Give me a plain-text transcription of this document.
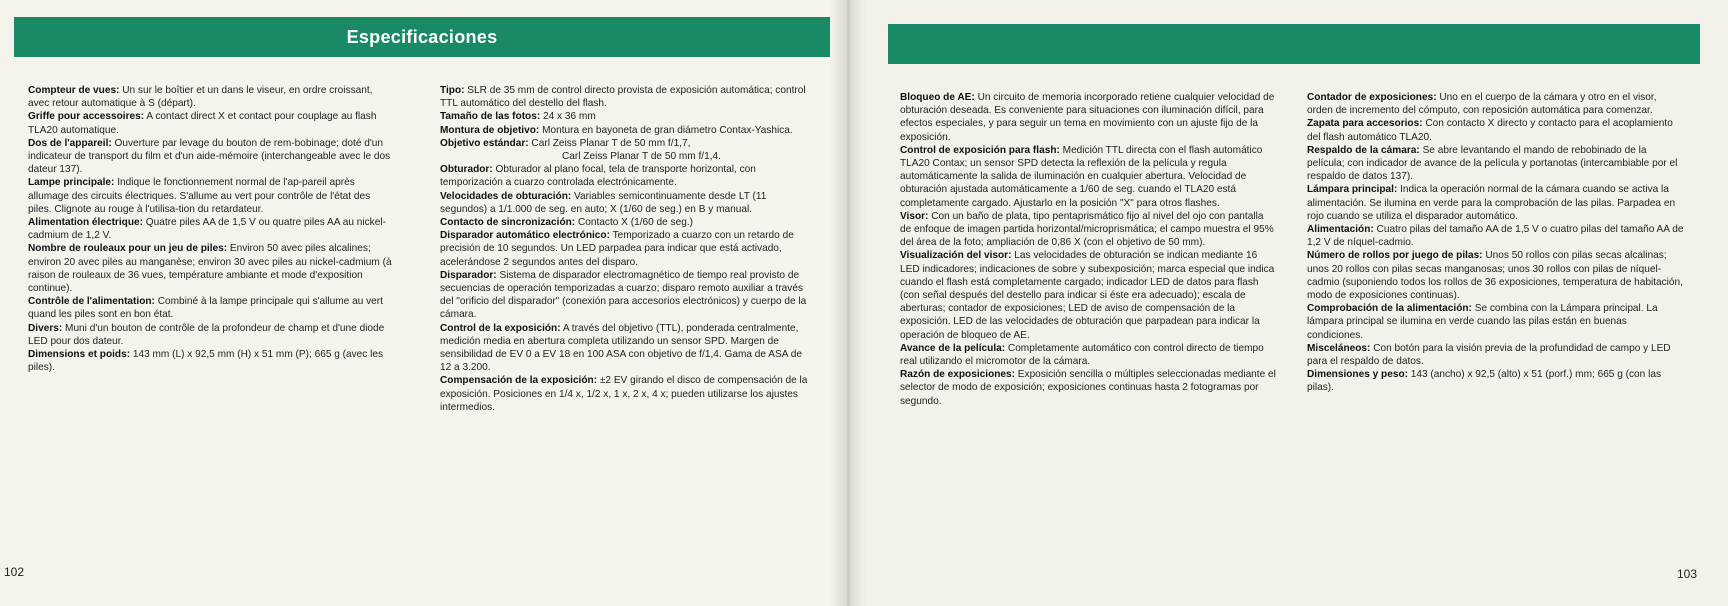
Especificaciones

Compteur de vues: Un sur le boîtier et un dans le viseur, en ordre croissant, avec retour automatique à S (départ).

Griffe pour accessoires: A contact direct X et contact pour couplage au flash TLA20 automatique.

Dos de l'appareil: Ouverture par levage du bouton de rem-bobinage; doté d'un indicateur de transport du film et d'un aide-mémoire (interchangeable avec le dos dateur 137).

Lampe principale: Indique le fonctionnement normal de l'ap-pareil après allumage des circuits électriques. S'allume au vert pour contrôle de l'état des piles. Clignote au rouge à l'utilisa-tion du retardateur.

Alimentation électrique: Quatre piles AA de 1,5 V ou quatre piles AA au nickel-cadmium de 1,2 V.

Nombre de rouleaux pour un jeu de piles: Environ 50 avec piles alcalines; environ 20 avec piles au manganèse; environ 30 avec piles au nickel-cadmium (à raison de rouleaux de 36 vues, température ambiante et mode d'exposition continue).

Contrôle de l'alimentation: Combiné à la lampe principale qui s'allume au vert quand les piles sont en bon état.

Divers: Muni d'un bouton de contrôle de la profondeur de champ et d'une diode LED pour dos dateur.

Dimensions et poids: 143 mm (L) x 92,5 mm (H) x 51 mm (P); 665 g (avec les piles).

Tipo: SLR de 35 mm de control directo provista de exposición automática; control TTL automático del destello del flash.

Tamaño de las fotos: 24 x 36 mm

Montura de objetivo: Montura en bayoneta de gran diámetro Contax-Yashica.

Objetivo estándar: Carl Zeiss Planar T de 50 mm f/1,7,

Carl Zeiss Planar T de 50 mm f/1,4.

Obturador: Obturador al plano focal, tela de transporte horizontal, con temporización a cuarzo controlada electrónicamente.

Velocidades de obturación: Variables semicontinuamente desde LT (11 segundos) a 1/1.000 de seg. en auto; X (1/60 de seg.) en B y manual.

Contacto de sincronización: Contacto X (1/60 de seg.)

Disparador automático electrónico: Temporizado a cuarzo con un retardo de precisión de 10 segundos. Un LED parpadea para indicar que está activado, acelerándose 2 segundos antes del disparo.

Disparador: Sistema de disparador electromagnético de tiempo real provisto de secuencias de operación temporizadas a cuarzo; disparo remoto auxiliar a través del "orificio del disparador" (conexión para accesorios electrónicos) y cuerpo de la cámara.

Control de la exposición: A través del objetivo (TTL), ponderada centralmente, medición media en abertura completa utilizando un sensor SPD. Margen de sensibilidad de EV 0 a EV 18 en 100 ASA con objetivo de f/1,4. Gama de ASA de 12 a 3.200.

Compensación de la exposición: ±2 EV girando el disco de compensación de la exposición. Posiciones en 1/4 x, 1/2 x, 1 x, 2 x, 4 x; pueden utilizarse los ajustes intermedios.

102

Bloqueo de AE: Un circuito de memoria incorporado retiene cualquier velocidad de obturación deseada. Es conveniente para situaciones con iluminación difícil, para efectos especiales, y para seguir un tema en movimiento con un ajuste fijo de la exposición.

Control de exposición para flash: Medición TTL directa con el flash automático TLA20 Contax; un sensor SPD detecta la reflexión de la película y regula automáticamente la salida de iluminación en cualquier abertura. Velocidad de obturación ajustada automáticamente a 1/60 de seg. cuando el TLA20 está completamente cargado. Ajustarlo en la posición "X" para otros flashes.

Visor: Con un baño de plata, tipo pentaprismático fijo al nivel del ojo con pantalla de enfoque de imagen partida horizontal/microprismática; el campo muestra el 95% del área de la foto; ampliación de 0,86 X (con el objetivo de 50 mm).

Visualización del visor: Las velocidades de obturación se indican mediante 16 LED indicadores; indicaciones de sobre y subexposición; marca especial que indica cuando el flash está completamente cargado; indicador LED de datos para flash (con señal después del destello para indicar si éste era adecuado); escala de aberturas; contador de exposiciones; LED de aviso de compensación de la exposición. LED de las velocidades de obturación que parpadean para indicar la operación de bloqueo de AE.

Avance de la película: Completamente automático con control directo de tiempo real utilizando el micromotor de la cámara.

Razón de exposiciones: Exposición sencilla o múltiples seleccionadas mediante el selector de modo de exposición; exposiciones continuas hasta 2 fotogramas por segundo.

Contador de exposiciones: Uno en el cuerpo de la cámara y otro en el visor, orden de incremento del cómputo, con reposición automática para comenzar.

Zapata para accesorios: Con contacto X directo y contacto para el acoplamiento del flash automático TLA20.

Respaldo de la cámara: Se abre levantando el mando de rebobinado de la película; con indicador de avance de la película y portanotas (intercambiable por el respaldo de datos 137).

Lámpara principal: Indica la operación normal de la cámara cuando se activa la alimentación. Se ilumina en verde para la comprobación de las pilas. Parpadea en rojo cuando se utiliza el disparador automático.

Alimentación: Cuatro pilas del tamaño AA de 1,5 V o cuatro pilas del tamaño AA de 1,2 V de níquel-cadmio.

Número de rollos por juego de pilas: Unos 50 rollos con pilas secas alcalinas; unos 20 rollos con pilas secas manganosas; unos 30 rollos con pilas de níquel-cadmio (suponiendo todos los rollos de 36 exposiciones, temperatura de habitación, modo de exposiciones continuas).

Comprobación de la alimentación: Se combina con la Lámpara principal. La lámpara principal se ilumina en verde cuando las pilas están en buenas condiciones.

Misceláneos: Con botón para la visión previa de la profundidad de campo y LED para el respaldo de datos.

Dimensiones y peso: 143 (ancho) x 92,5 (alto) x 51 (porf.) mm; 665 g (con las pilas).

103
